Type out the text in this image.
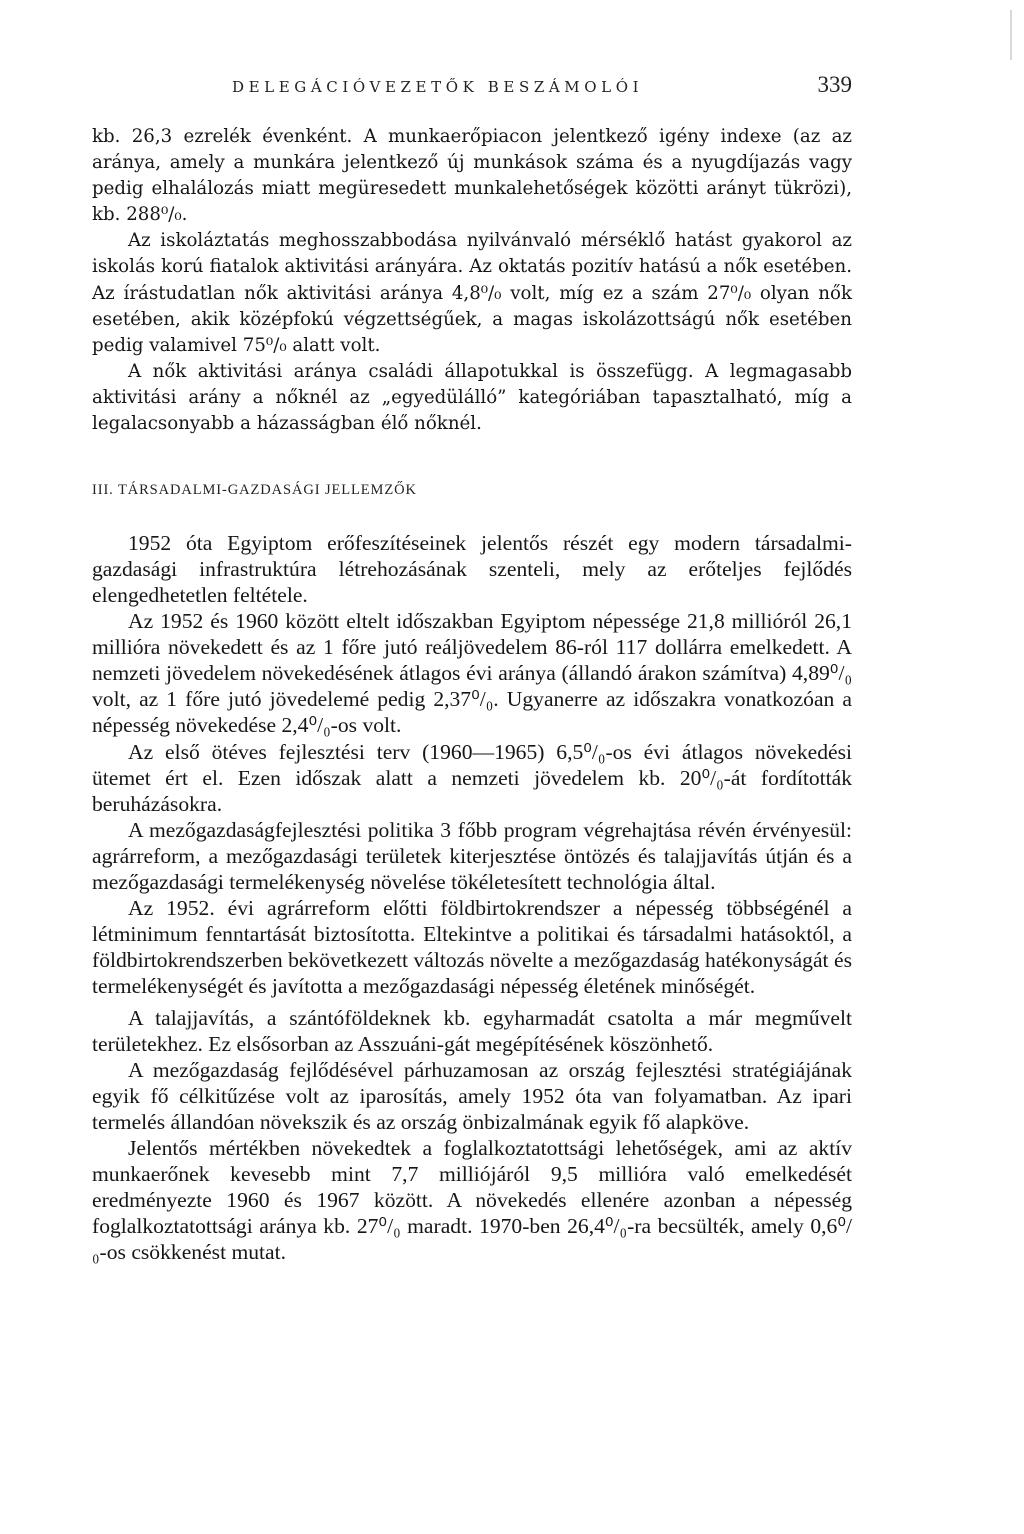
DELEGÁCIÓVEZETŐK BESZÁMOLÓI	339

kb. 26,3 ezrelék évenként. A munkaerőpiacon jelentkező igény indexe (az az aránya, amely a munkára jelentkező új munkások száma és a nyugdíjazás vagy pedig elhalálozás miatt megüresedett munkalehetőségek közötti arányt tükrözi), kb. 288⁰/₀.

Az iskoláztatás meghosszabbodása nyilvánvaló mérséklő hatást gyakorol az iskolás korú fiatalok aktivitási arányára. Az oktatás pozitív hatású a nők esetében. Az írástudatlan nők aktivitási aránya 4,8⁰/₀ volt, míg ez a szám 27⁰/₀ olyan nők esetében, akik középfokú végzettségűek, a magas iskolázottságú nők esetében pedig valamivel 75⁰/₀ alatt volt.

A nők aktivitási aránya családi állapotukkal is összefügg. A legmagasabb aktivitási arány a nőknél az „egyedülálló” kategóriában tapasztalható, míg a legalacsonyabb a házasságban élő nőknél.

III. TÁRSADALMI-GAZDASÁGI JELLEMZŐK

1952 óta Egyiptom erőfeszítéseinek jelentős részét egy modern társadalmi-gazdasági infrastruktúra létrehozásának szenteli, mely az erőteljes fejlődés elengedhetetlen feltétele.

Az 1952 és 1960 között eltelt időszakban Egyiptom népessége 21,8 millióról 26,1 millióra növekedett és az 1 főre jutó reáljövedelem 86-ról 117 dollárra emelkedett. A nemzeti jövedelem növekedésének átlagos évi aránya (állandó árakon számítva) 4,89⁰/₀ volt, az 1 főre jutó jövedelemé pedig 2,37⁰/₀. Ugyanerre az időszakra vonatkozóan a népesség növekedése 2,4⁰/₀-os volt.

Az első ötéves fejlesztési terv (1960—1965) 6,5⁰/₀-os évi átlagos növekedési ütemet ért el. Ezen időszak alatt a nemzeti jövedelem kb. 20⁰/₀-át fordították beruházásokra.

A mezőgazdaságfejlesztési politika 3 főbb program végrehajtása révén érvényesül: agrárreform, a mezőgazdasági területek kiterjesztése öntözés és talajjavítás útján és a mezőgazdasági termelékenység növelése tökéletesített technológia által.

Az 1952. évi agrárreform előtti földbirtokrendszer a népesség többségénél a létminimum fenntartását biztosította. Eltekintve a politikai és társadalmi hatásoktól, a földbirtokrendszerben bekövetkezett változás növelte a mezőgazdaság hatékonyságát és termelékenységét és javította a mezőgazdasági népesség életének minőségét.

A talajjavítás, a szántóföldeknek kb. egyharmadát csatolta a már megművelt területekhez. Ez elsősorban az Asszuáni-gát megépítésének köszönhető.

A mezőgazdaság fejlődésével párhuzamosan az ország fejlesztési stratégiájának egyik fő célkitűzése volt az iparosítás, amely 1952 óta van folyamatban. Az ipari termelés állandóan növekszik és az ország önbizalmának egyik fő alapköve.

Jelentős mértékben növekedtek a foglalkoztatottsági lehetőségek, ami az aktív munkaerőnek kevesebb mint 7,7 milliójáról 9,5 millióra való emelkedését eredményezte 1960 és 1967 között. A növekedés ellenére azonban a népesség foglalkoztatottsági aránya kb. 27⁰/₀ maradt. 1970-ben 26,4⁰/₀-ra becsülték, amely 0,6⁰/₀-os csökkenést mutat.
